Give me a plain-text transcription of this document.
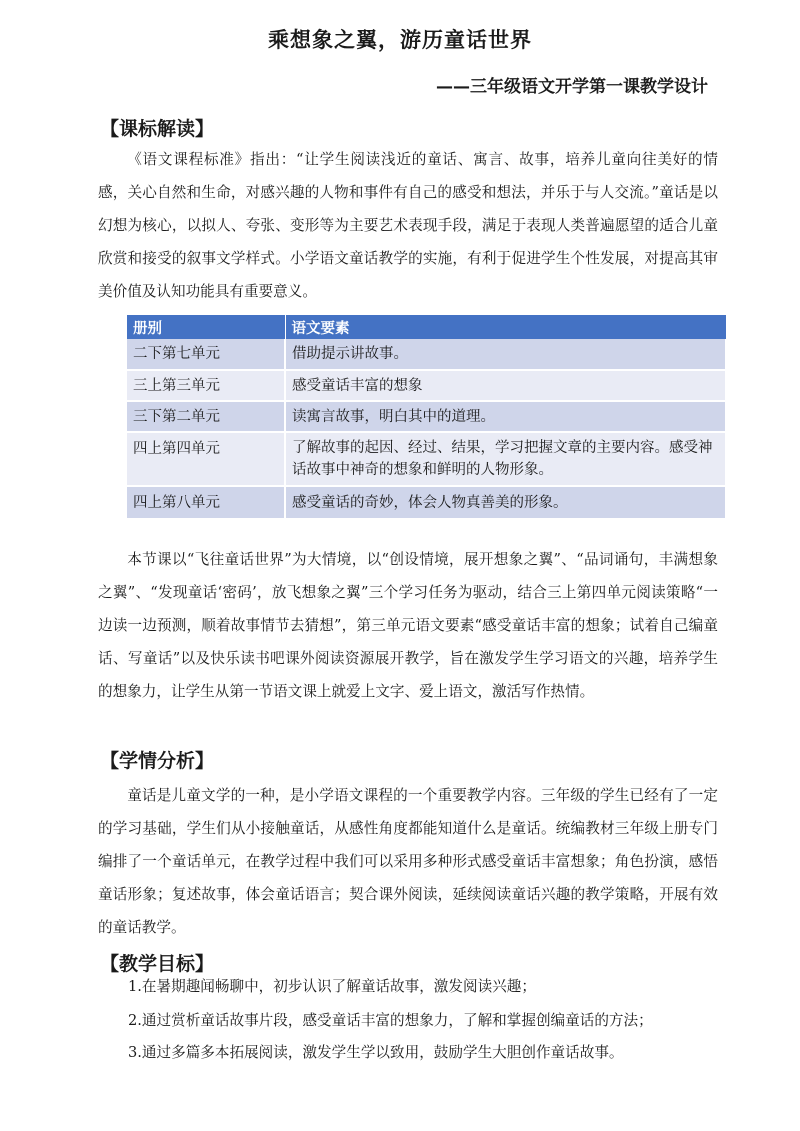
乘想象之翼，游历童话世界
——三年级语文开学第一课教学设计
【课标解读】
《语文课程标准》指出：“让学生阅读浅近的童话、寓言、故事，培养儿童向往美好的情感，关心自然和生命，对感兴趣的人物和事件有自己的感受和想法，并乐于与人交流。”童话是以幻想为核心，以拟人、夸张、变形等为主要艺术表现手段，满足于表现人类普遍愿望的适合儿童欣赏和接受的叙事文学样式。小学语文童话教学的实施，有利于促进学生个性发展，对提高其审美价值及认知功能具有重要意义。
册别	语文要素
二下第七单元	借助提示讲故事。
三上第三单元	感受童话丰富的想象
三下第二单元	读寓言故事，明白其中的道理。
四上第四单元	了解故事的起因、经过、结果，学习把握文章的主要内容。感受神话故事中神奇的想象和鲜明的人物形象。
四上第八单元	感受童话的奇妙，体会人物真善美的形象。
本节课以“飞往童话世界”为大情境，以“创设情境，展开想象之翼”、“品词诵句，丰满想象之翼”、“发现童话‘密码’，放飞想象之翼”三个学习任务为驱动，结合三上第四单元阅读策略“一边读一边预测，顺着故事情节去猜想”，第三单元语文要素“感受童话丰富的想象；试着自己编童话、写童话”以及快乐读书吧课外阅读资源展开教学，旨在激发学生学习语文的兴趣，培养学生的想象力，让学生从第一节语文课上就爱上文字、爱上语文，激活写作热情。
【学情分析】
童话是儿童文学的一种，是小学语文课程的一个重要教学内容。三年级的学生已经有了一定的学习基础，学生们从小接触童话，从感性角度都能知道什么是童话。统编教材三年级上册专门编排了一个童话单元，在教学过程中我们可以采用多种形式感受童话丰富想象；角色扮演，感悟童话形象；复述故事，体会童话语言；契合课外阅读，延续阅读童话兴趣的教学策略，开展有效的童话教学。
【教学目标】
1.在暑期趣闻畅聊中，初步认识了解童话故事，激发阅读兴趣；
2.通过赏析童话故事片段，感受童话丰富的想象力，了解和掌握创编童话的方法；
3.通过多篇多本拓展阅读，激发学生学以致用，鼓励学生大胆创作童话故事。
